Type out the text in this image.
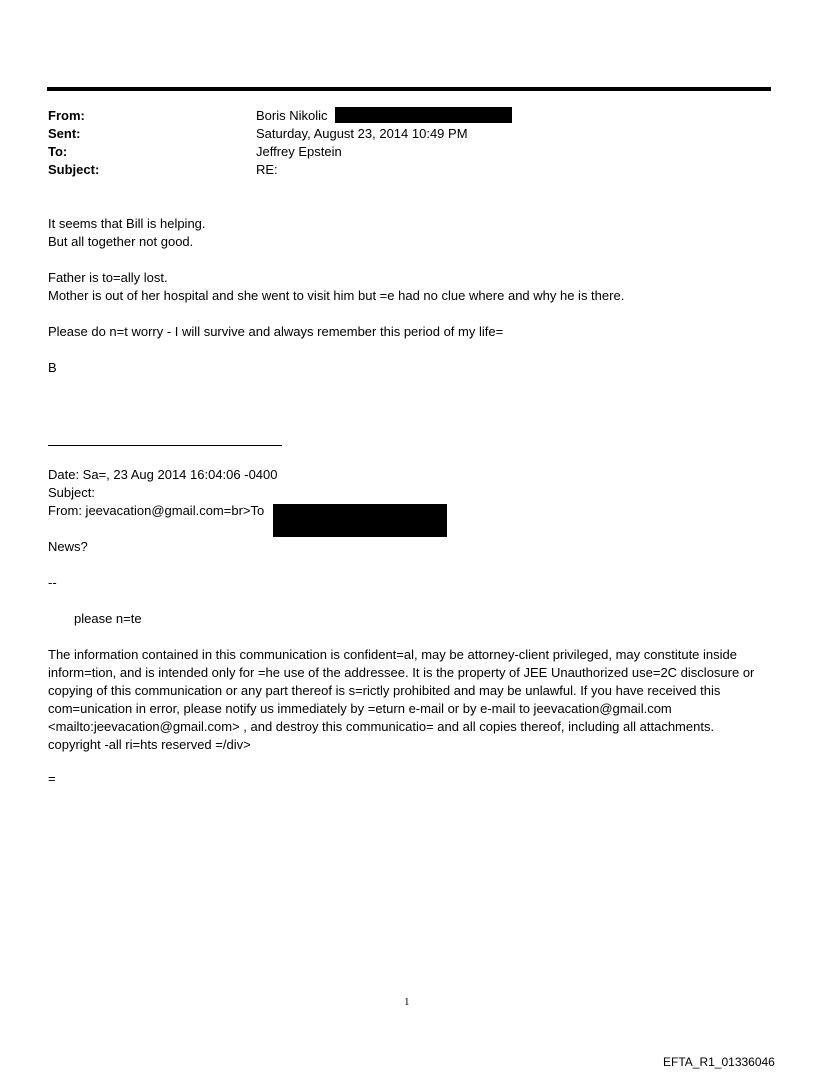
From:
Sent:
To:
Subject:
Boris Nikolic
Saturday, August 23, 2014 10:49 PM
Jeffrey Epstein
RE:
It seems that Bill is helping.
But all together not good.
Father is to=ally lost.
Mother is out of her hospital and she went to visit him but =e had no clue where and why he is there.
Please do n=t worry - I will survive and always remember this period of my life=
B
Date: Sa=, 23 Aug 2014 16:04:06 -0400
Subject:
From: jeevacation@gmail.com=br>To
News?
--
please n=te
The information contained in this communication is confident=al, may be attorney-client privileged, may constitute inside inform=tion, and is intended only for =he use of the addressee. It is the property of JEE Unauthorized use=2C disclosure or copying of this communication or any part thereof is s=rictly prohibited and may be unlawful. If you have received this com=unication in error, please notify us immediately by =eturn e-mail or by e-mail to jeevacation@gmail.com <mailto:jeevacation@gmail.com> , and destroy this communicatio= and all copies thereof, including all attachments. copyright -all ri=hts reserved =/div>
=
1
EFTA_R1_01336046
